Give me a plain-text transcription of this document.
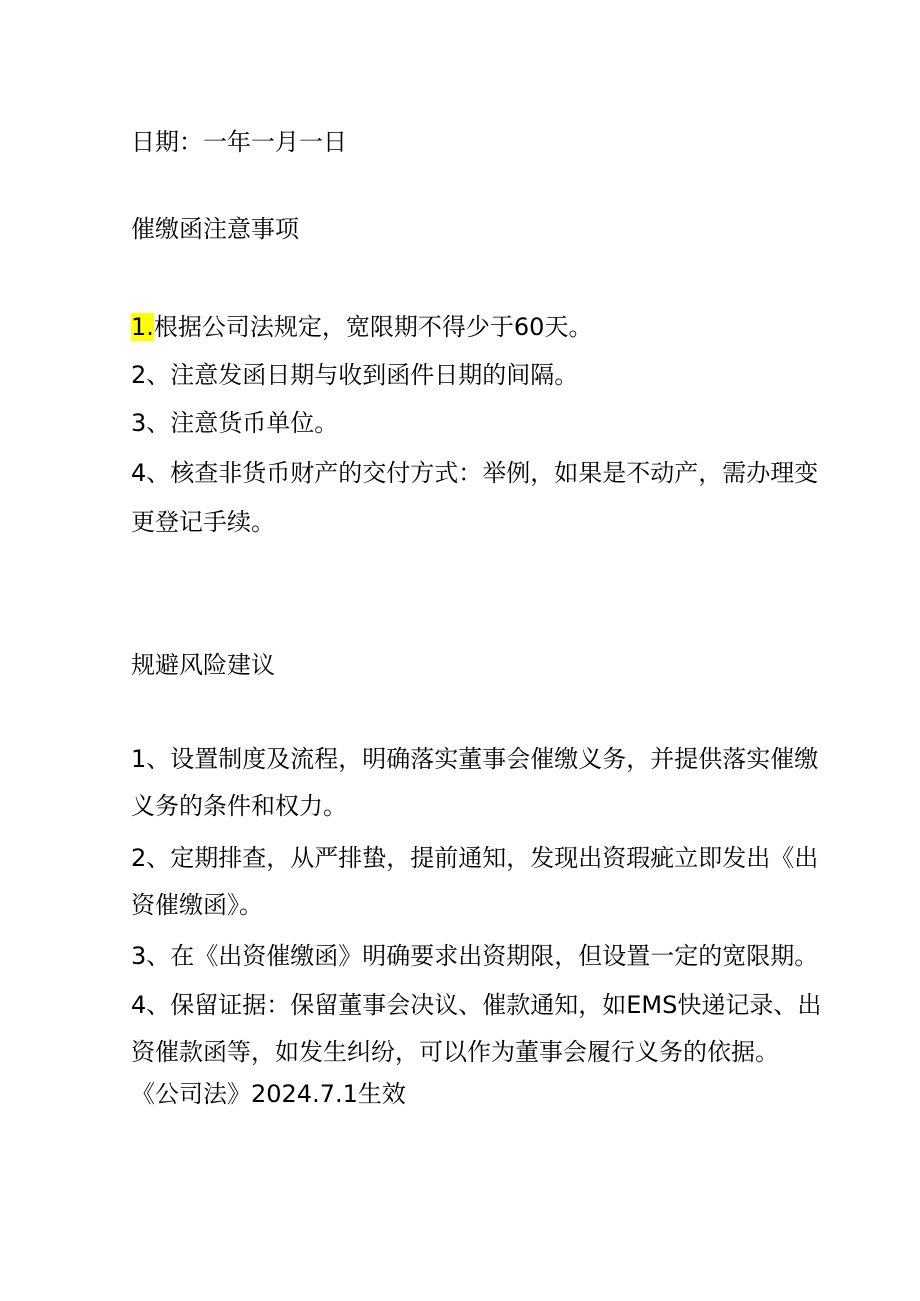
日期：一年一月一日
催缴函注意事项
1.根据公司法规定，宽限期不得少于60天。
2、注意发函日期与收到函件日期的间隔。
3、注意货币单位。
4、核查非货币财产的交付方式：举例，如果是不动产，需办理变
更登记手续。
规避风险建议
1、设置制度及流程，明确落实董事会催缴义务，并提供落实催缴
义务的条件和权力。
2、定期排查，从严排蛰，提前通知，发现出资瑕疵立即发出《出
资催缴函》。
3、在《出资催缴函》明确要求出资期限，但设置一定的宽限期。
4、保留证据：保留董事会决议、催款通知，如EMS快递记录、出
资催款函等，如发生纠纷，可以作为董事会履行义务的依据。
《公司法》2024.7.1生效
